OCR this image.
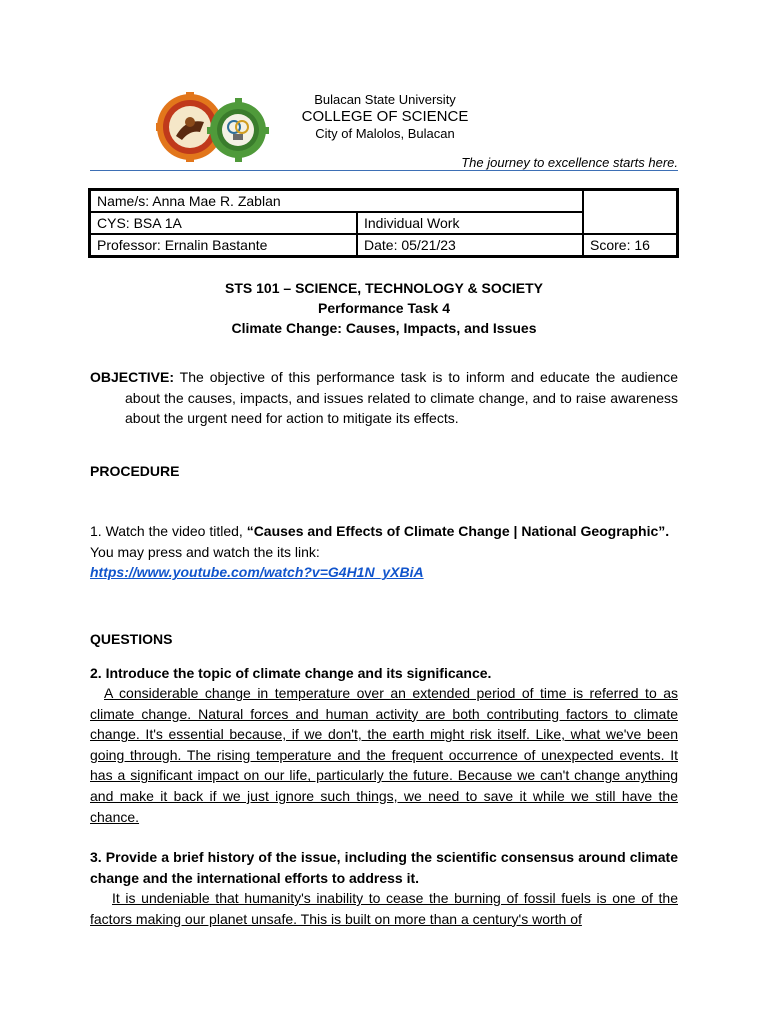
Bulacan State University
COLLEGE OF SCIENCE
City of Malolos, Bulacan
The journey to excellence starts here.
Name/s: Anna Mae R. Zablan		
CYS: BSA 1A	Individual Work	
Professor: Ernalin Bastante	Date: 05/21/23	Score: 16
STS 101 – SCIENCE, TECHNOLOGY & SOCIETY
Performance Task 4
Climate Change: Causes, Impacts, and Issues
OBJECTIVE: The objective of this performance task is to inform and educate the audience about the causes, impacts, and issues related to climate change, and to raise awareness about the urgent need for action to mitigate its effects.
PROCEDURE
1. Watch the video titled, “Causes and Effects of Climate Change | National Geographic”. You may press and watch the its link:
https://www.youtube.com/watch?v=G4H1N_yXBiA
QUESTIONS
2. Introduce the topic of climate change and its significance.
A considerable change in temperature over an extended period of time is referred to as climate change. Natural forces and human activity are both contributing factors to climate change. It's essential because, if we don't, the earth might risk itself. Like, what we've been going through. The rising temperature and the frequent occurrence of unexpected events. It has a significant impact on our life, particularly the future. Because we can't change anything and make it back if we just ignore such things, we need to save it while we still have the chance.
3. Provide a brief history of the issue, including the scientific consensus around climate change and the international efforts to address it.
It is undeniable that humanity's inability to cease the burning of fossil fuels is one of the factors making our planet unsafe. This is built on more than a century's worth of
